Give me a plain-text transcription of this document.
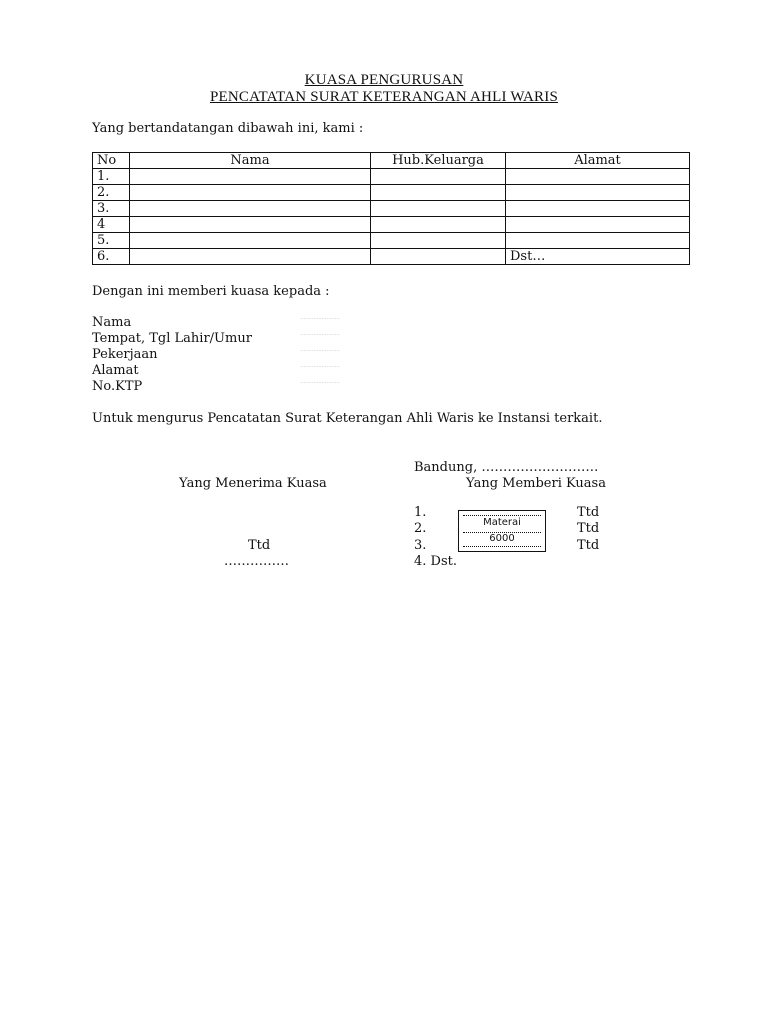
KUASA PENGURUSAN
PENCATATAN SURAT KETERANGAN AHLI WARIS
Yang bertandatangan dibawah ini, kami :
No	Nama	Hub.Keluarga	Alamat
1.			
2.			
3.			
4			
5.			
6.			Dst…
Dengan ini memberi kuasa kepada :
Nama	……………………
Tempat, Tgl Lahir/Umur	……………………
Pekerjaan	……………………
Alamat	……………………
No.KTP	……………………
Untuk mengurus Pencatatan Surat Keterangan Ahli Waris ke Instansi terkait.
Bandung, ………………………
Yang Menerima Kuasa	Yang Memberi Kuasa
Ttd
……………
1.
2.
3.
4. Dst.
Ttd
Ttd
Ttd
Materai
6000
